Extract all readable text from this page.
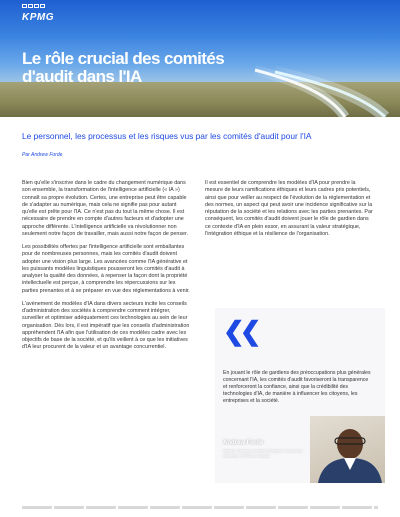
KPMG
Le rôle crucial des comités d'audit dans l'IA
Le personnel, les processus et les risques vus par les comités d'audit pour l'IA
Par Andrew Forde

Bien qu'elle s'inscrive dans le cadre du changement numérique dans son ensemble, la transformation de l'intelligence artificielle (« IA ») connaît sa propre évolution. Certes, une entreprise peut être capable de s'adapter au numérique, mais cela ne signifie pas pour autant qu'elle est prête pour l'IA. Ce n'est pas du tout la même chose. Il est nécessaire de prendre en compte d'autres facteurs et d'adopter une approche différente. L'intelligence artificielle va révolutionner non seulement notre façon de travailler, mais aussi notre façon de penser.

Les possibilités offertes par l'intelligence artificielle sont emballantes pour de nombreuses personnes, mais les comités d'audit doivent adopter une vision plus large. Les avancées comme l'IA générative et les puissants modèles linguistiques pousseront les comités d'audit à analyser la qualité des données, à repenser la façon dont la propriété intellectuelle est perçue, à comprendre les répercussions sur les parties prenantes et à se préparer en vue des réglementations à venir.

L'avènement de modèles d'IA dans divers secteurs incite les conseils d'administration des sociétés à comprendre comment intégrer, surveiller et optimiser adéquatement ces technologies au sein de leur organisation. Dès lors, il est impératif que les conseils d'administration appréhendent l'IA afin que l'utilisation de ces modèles cadre avec les objectifs de base de la société, et qu'ils veillent à ce que les initiatives d'IA leur procurent de la valeur et un avantage concurrentiel.

Il est essentiel de comprendre les modèles d'IA pour prendre la mesure de leurs ramifications éthiques et leurs cadres pris potentiels, ainsi que pour veiller au respect de l'évolution de la réglementation et des normes, un aspect qui peut avoir une incidence significative sur la réputation de la société et les relations avec les parties prenantes. Par conséquent, les comités d'audit doivent jouer le rôle de gardien dans ce contexte d'IA en plein essor, en assurant la valeur stratégique, l'intégration éthique et la résilience de l'organisation.

❮❮
En jouant le rôle de gardiens des préoccupations plus générales concernant l'IA, les comités d'audit favoriseront la transparence et renforceront la confiance, ainsi que la crédibilité des technologies d'IA, de manière à influencer les citoyens, les entreprises et la société.
Andrew Forde
Associé, Services-conseils, Énergie et ressources naturelles, KPMG au Canada
